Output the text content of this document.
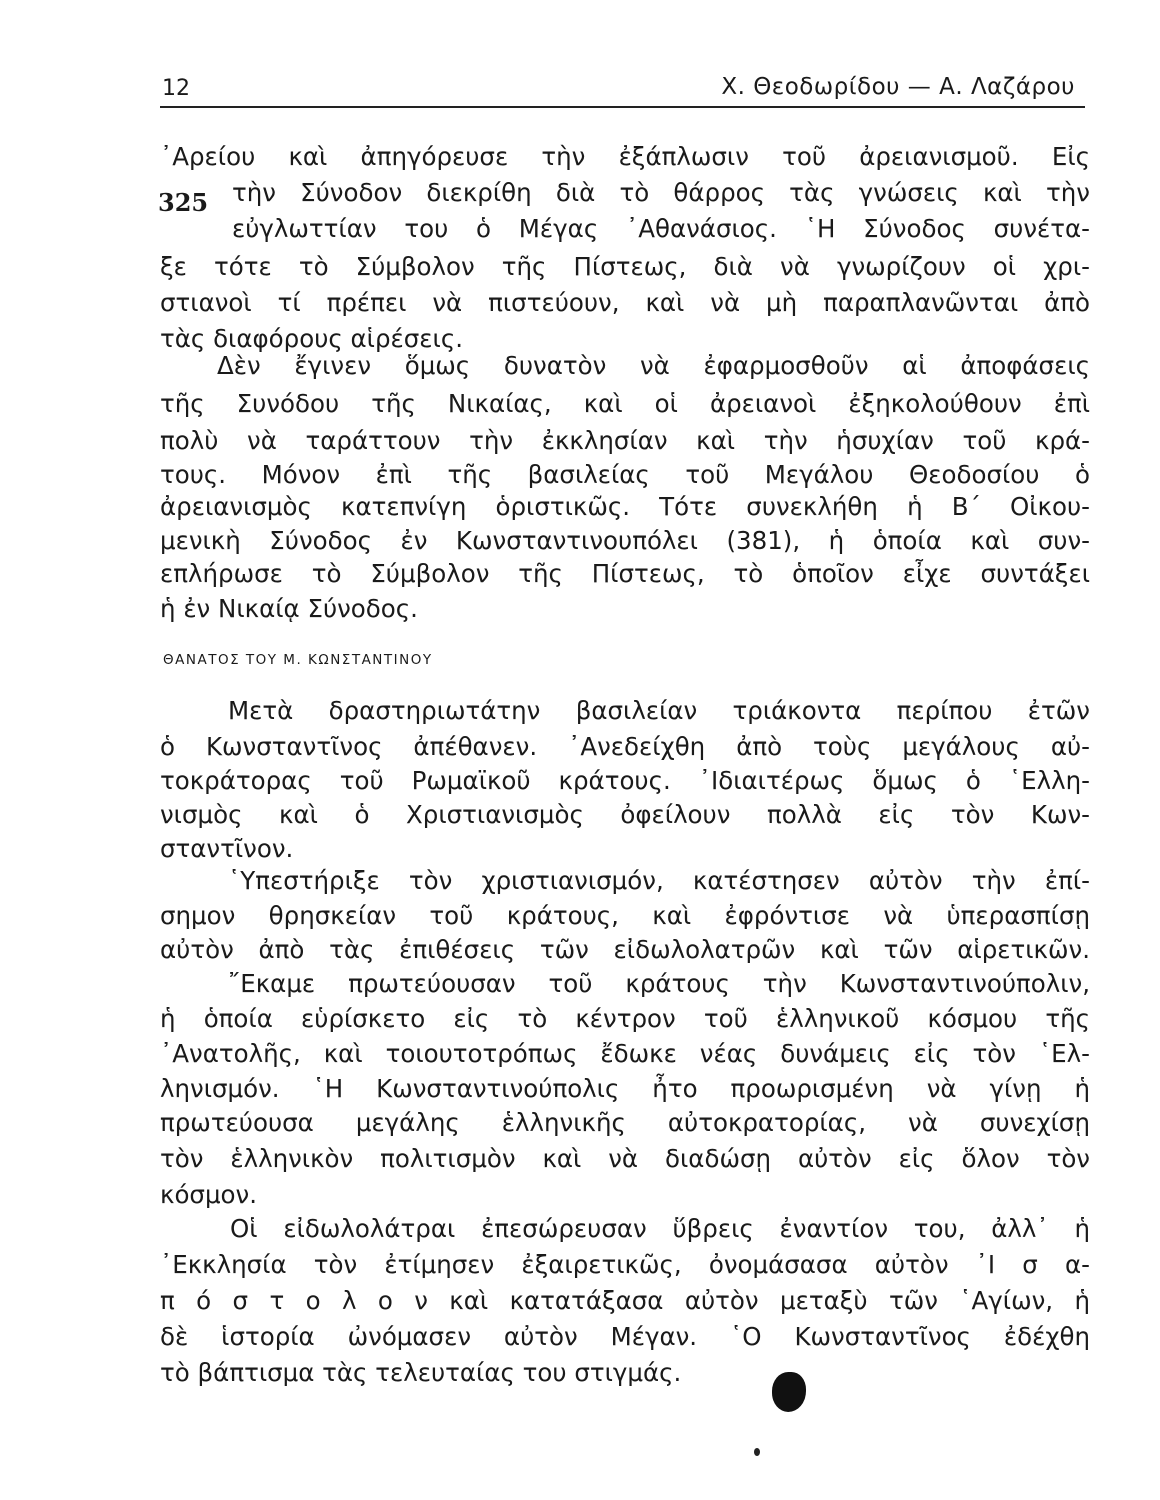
12	Χ. Θεοδωρίδου — Α. Λαζάρου
325
᾿Αρείου καὶ ἀπηγόρευσε τὴν ἐξάπλωσιν τοῦ ἀρειανισμοῦ. Εἰς
τὴν Σύνοδον διεκρίθη διὰ τὸ θάρρος τὰς γνώσεις καὶ τὴν
εὐγλωττίαν του ὁ Μέγας ᾿Αθανάσιος. ῾Η Σύνοδος συνέτα-
ξε τότε τὸ Σύμβολον τῆς Πίστεως, διὰ νὰ γνωρίζουν οἱ χρι-
στιανοὶ τί πρέπει νὰ πιστεύουν, καὶ νὰ μὴ παραπλανῶνται ἀπὸ
τὰς διαφόρους αἱρέσεις.
Δὲν ἔγινεν ὅμως δυνατὸν νὰ ἐφαρμοσθοῦν αἱ ἀποφάσεις
τῆς Συνόδου τῆς Νικαίας, καὶ οἱ ἀρειανοὶ ἐξηκολούθουν ἐπὶ
πολὺ νὰ ταράττουν τὴν ἐκκλησίαν καὶ τὴν ἡσυχίαν τοῦ κρά-
τους. Μόνον ἐπὶ τῆς βασιλείας τοῦ Μεγάλου Θεοδοσίου ὁ
ἀρειανισμὸς κατεπνίγη ὁριστικῶς. Τότε συνεκλήθη ἡ Β΄ Οἰκου-
μενικὴ Σύνοδος ἐν Κωνσταντινουπόλει (381), ἡ ὁποία καὶ συν-
επλήρωσε τὸ Σύμβολον τῆς Πίστεως, τὸ ὁποῖον εἶχε συντάξει
ἡ ἐν Νικαίᾳ Σύνοδος.
ΘΑΝΑΤΟΣ ΤΟΥ Μ. ΚΩΝΣΤΑΝΤΙΝΟΥ
Μετὰ δραστηριωτάτην βασιλείαν τριάκοντα περίπου ἐτῶν
ὁ Κωνσταντῖνος ἀπέθανεν. ᾿Ανεδείχθη ἀπὸ τοὺς μεγάλους αὐ-
τοκράτορας τοῦ Ρωμαϊκοῦ κράτους. ᾿Ιδιαιτέρως ὅμως ὁ ῾Ελλη-
νισμὸς καὶ ὁ Χριστιανισμὸς ὀφείλουν πολλὰ εἰς τὸν Κων-
σταντῖνον.
῾Υπεστήριξε τὸν χριστιανισμόν, κατέστησεν αὐτὸν τὴν ἐπί-
σημον θρησκείαν τοῦ κράτους, καὶ ἐφρόντισε νὰ ὑπερασπίσῃ
αὐτὸν ἀπὸ τὰς ἐπιθέσεις τῶν εἰδωλολατρῶν καὶ τῶν αἱρετικῶν.
῎Εκαμε πρωτεύουσαν τοῦ κράτους τὴν Κωνσταντινούπολιν,
ἡ ὁποία εὑρίσκετο εἰς τὸ κέντρον τοῦ ἑλληνικοῦ κόσμου τῆς
᾿Ανατολῆς, καὶ τοιουτοτρόπως ἔδωκε νέας δυνάμεις εἰς τὸν ῾Ελ-
ληνισμόν. ῾Η Κωνσταντινούπολις ἦτο προωρισμένη νὰ γίνῃ ἡ
πρωτεύουσα μεγάλης ἑλληνικῆς αὐτοκρατορίας, νὰ συνεχίσῃ
τὸν ἑλληνικὸν πολιτισμὸν καὶ νὰ διαδώσῃ αὐτὸν εἰς ὅλον τὸν
κόσμον.
Οἱ εἰδωλολάτραι ἐπεσώρευσαν ὕβρεις ἐναντίον του, ἀλλ᾿ ἡ
᾿Εκκλησία τὸν ἐτίμησεν ἐξαιρετικῶς, ὀνομάσασα αὐτὸν ᾿Ι σ α-
π ό σ τ ο λ ο ν καὶ κατατάξασα αὐτὸν μεταξὺ τῶν ῾Αγίων, ἡ
δὲ ἱστορία ὠνόμασεν αὐτὸν Μέγαν. ῾Ο Κωνσταντῖνος ἐδέχθη
τὸ βάπτισμα τὰς τελευταίας του στιγμάς.
